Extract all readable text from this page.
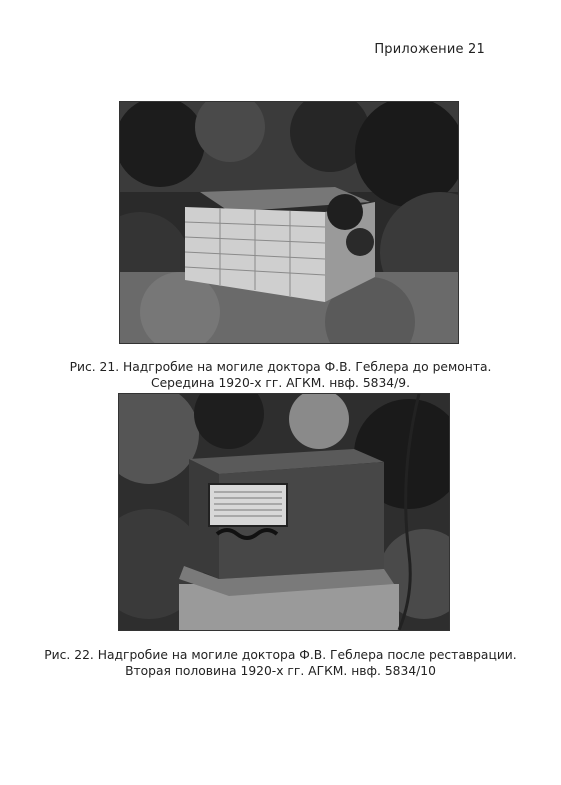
Приложение 21
Рис. 21. Надгробие на могиле доктора Ф.В. Геблера до ремонта.
Середина 1920-х гг. АГКМ. нвф. 5834/9.
Рис. 22. Надгробие на могиле доктора Ф.В. Геблера после реставрации.
Вторая половина 1920-х гг. АГКМ. нвф. 5834/10
